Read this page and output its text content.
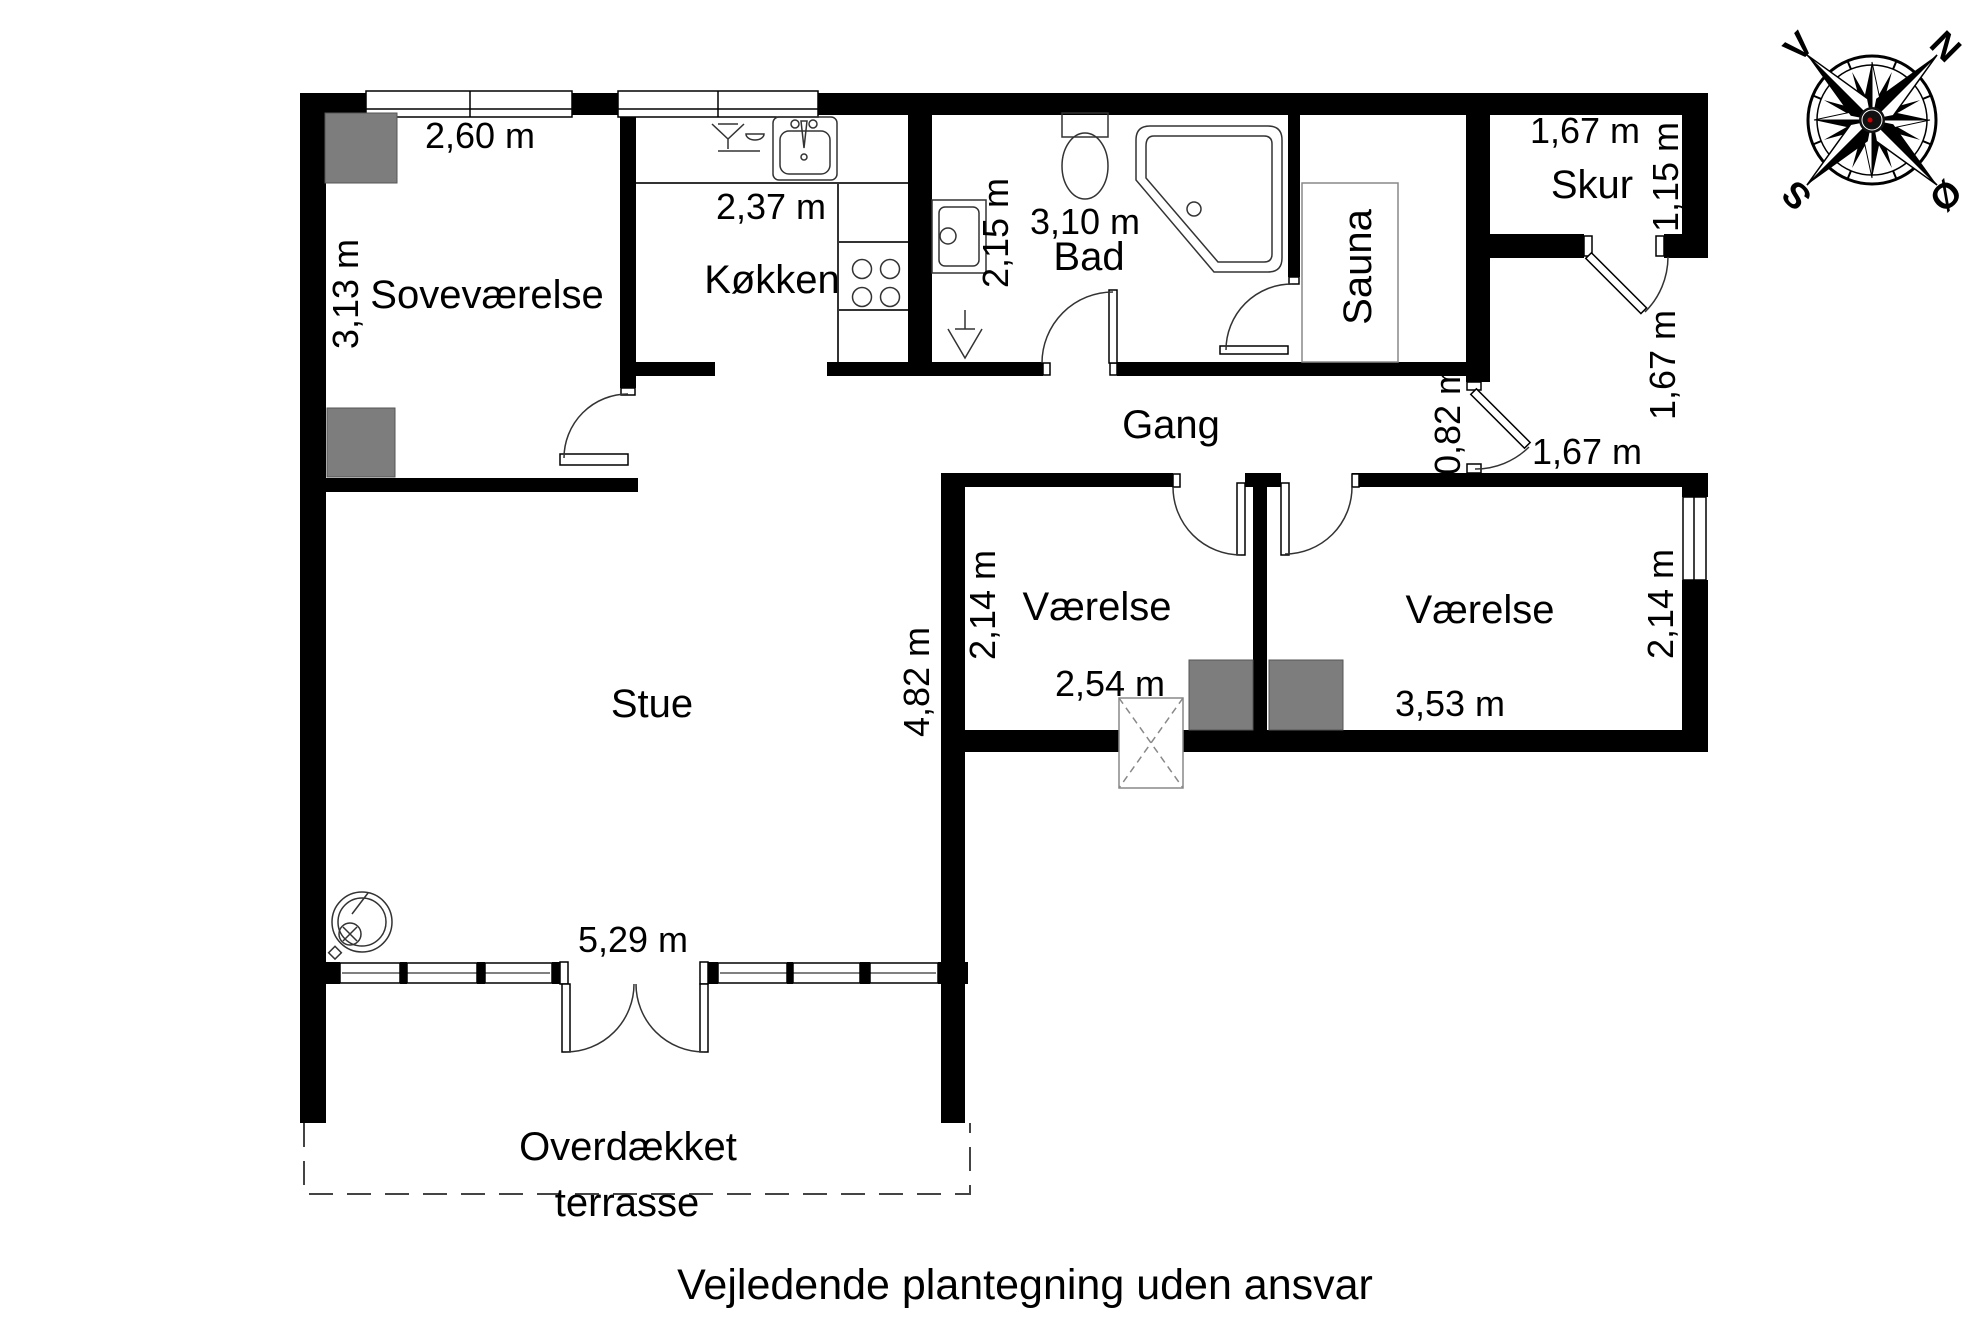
V	N
S	Ø
2,60 m
3,13 m Soveværelse
2,37 m
Køkken	2,15 m 3,10 m
Bad	Sauna
1,67 m
Skur 1,15 m
1,67 m
1,67 m
Gang	0,82 m
2,14 m Værelse
2,54 m
Værelse
3,53 m
2,14 m
4,82 m
Stue
5,29 m
Overdækket
terrasse
Vejledende plantegning uden ansvar
